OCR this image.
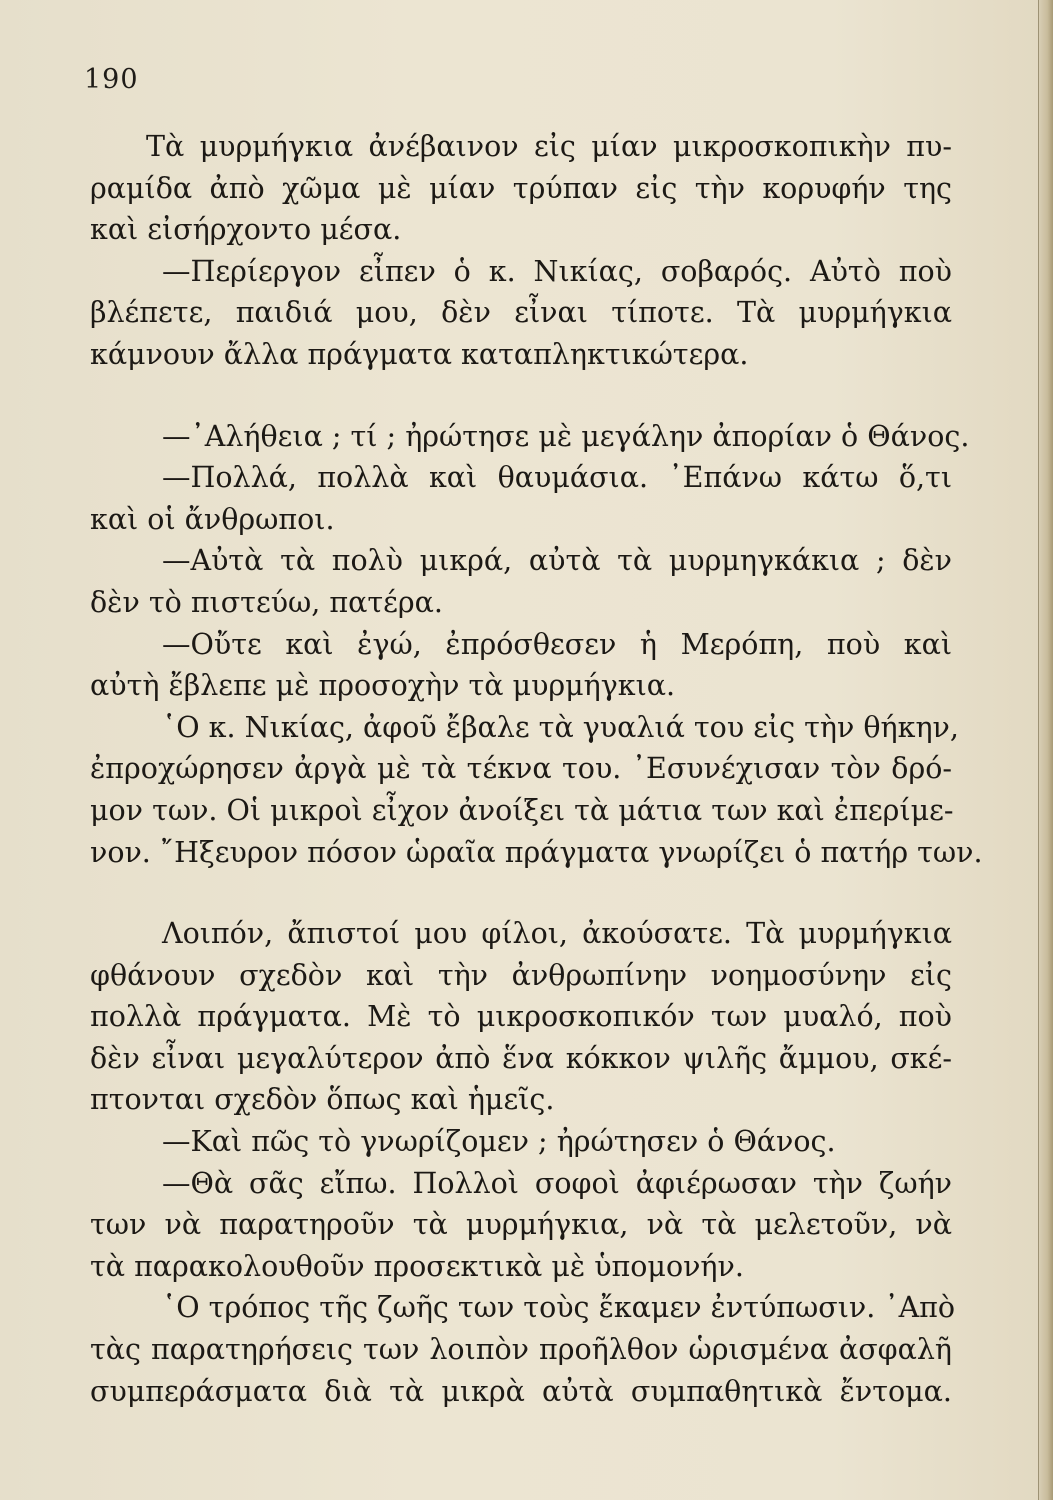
190
Τὰ μυρμήγκια ἀνέβαινον εἰς μίαν μικροσκοπικὴν πυ-
ραμίδα ἀπὸ χῶμα μὲ μίαν τρύπαν εἰς τὴν κορυφήν της
καὶ εἰσήρχοντο μέσα.
—Περίεργον εἶπεν ὁ κ. Νικίας, σοβαρός. Αὐτὸ ποὺ
βλέπετε, παιδιά μου, δὲν εἶναι τίποτε. Τὰ μυρμήγκια
κάμνουν ἄλλα πράγματα καταπληκτικώτερα.
—᾿Αλήθεια ; τί ; ἠρώτησε μὲ μεγάλην ἀπορίαν ὁ Θάνος.
—Πολλά, πολλὰ καὶ θαυμάσια. ᾿Επάνω κάτω ὅ,τι
καὶ οἱ ἄνθρωποι.
—Αὐτὰ τὰ πολὺ μικρά, αὐτὰ τὰ μυρμηγκάκια ; δὲν
δὲν τὸ πιστεύω, πατέρα.
—Οὔτε καὶ ἐγώ, ἐπρόσθεσεν ἡ Μερόπη, ποὺ καὶ
αὐτὴ ἔβλεπε μὲ προσοχὴν τὰ μυρμήγκια.
῾Ο κ. Νικίας, ἀφοῦ ἔβαλε τὰ γυαλιά του εἰς τὴν θήκην,
ἐπροχώρησεν ἀργὰ μὲ τὰ τέκνα του. ᾿Εσυνέχισαν τὸν δρό-
μον των. Οἱ μικροὶ εἶχον ἀνοίξει τὰ μάτια των καὶ ἐπερίμε-
νον. ῎Ηξευρον πόσον ὡραῖα πράγματα γνωρίζει ὁ πατήρ των.
Λοιπόν, ἄπιστοί μου φίλοι, ἀκούσατε. Τὰ μυρμήγκια
φθάνουν σχεδὸν καὶ τὴν ἀνθρωπίνην νοημοσύνην εἰς
πολλὰ πράγματα. Μὲ τὸ μικροσκοπικόν των μυαλό, ποὺ
δὲν εἶναι μεγαλύτερον ἀπὸ ἕνα κόκκον ψιλῆς ἄμμου, σκέ-
πτονται σχεδὸν ὅπως καὶ ἡμεῖς.
—Καὶ πῶς τὸ γνωρίζομεν ; ἠρώτησεν ὁ Θάνος.
—Θὰ σᾶς εἴπω. Πολλοὶ σοφοὶ ἀφιέρωσαν τὴν ζωήν
των νὰ παρατηροῦν τὰ μυρμήγκια, νὰ τὰ μελετοῦν, νὰ
τὰ παρακολουθοῦν προσεκτικὰ μὲ ὑπομονήν.
῾Ο τρόπος τῆς ζωῆς των τοὺς ἔκαμεν ἐντύπωσιν. ᾿Απὸ
τὰς παρατηρήσεις των λοιπὸν προῆλθον ὡρισμένα ἀσφαλῆ
συμπεράσματα διὰ τὰ μικρὰ αὐτὰ συμπαθητικὰ ἔντομα.
